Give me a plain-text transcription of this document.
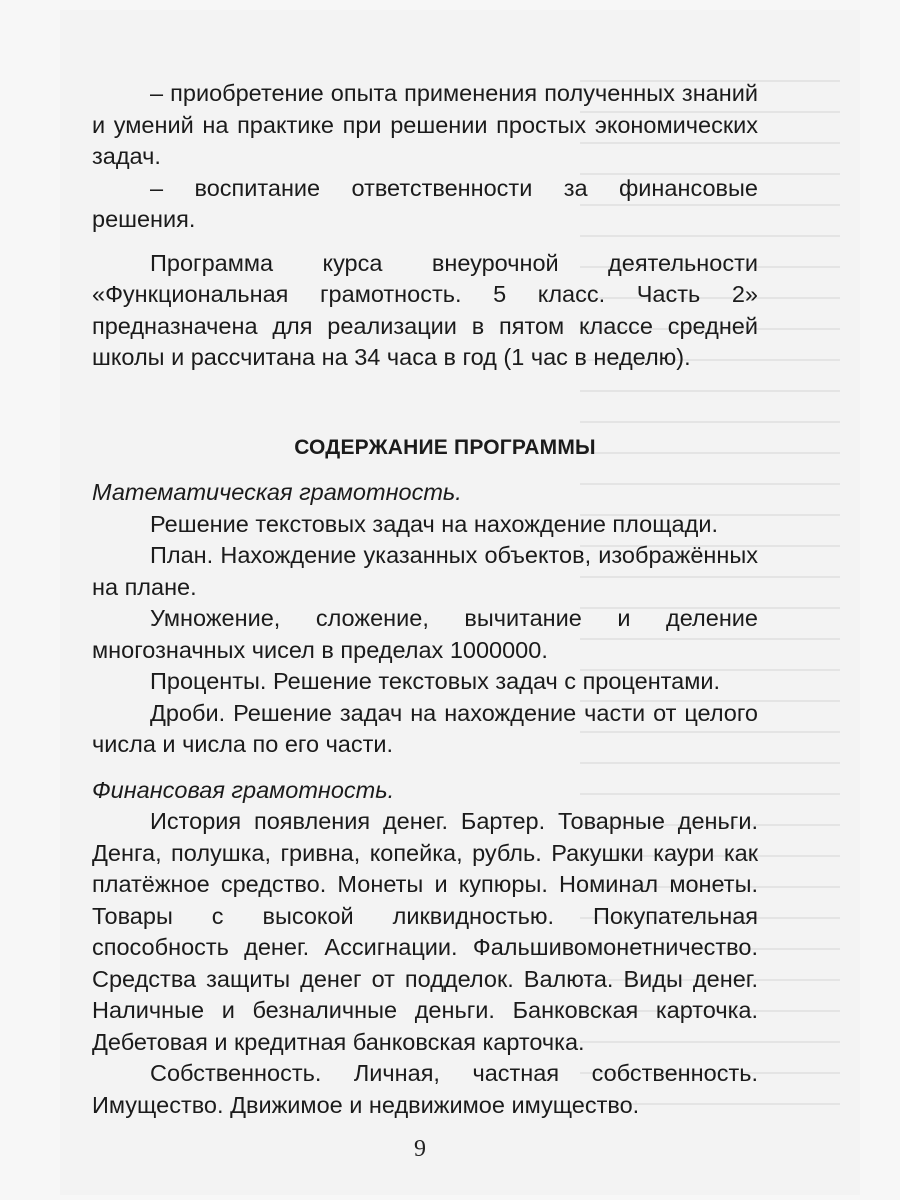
– приобретение опыта применения полученных знаний и умений на практике при решении простых экономических задач.

– воспитание ответственности за финансовые решения.

Программа курса внеурочной деятельности «Функциональная грамотность. 5 класс. Часть 2» предназначена для реализации в пятом классе средней школы и рассчитана на 34 часа в год (1 час в неделю).

СОДЕРЖАНИЕ ПРОГРАММЫ

Математическая грамотность.

Решение текстовых задач на нахождение площади.

План. Нахождение указанных объектов, изображённых на плане.

Умножение, сложение, вычитание и деление многозначных чисел в пределах 1000000.

Проценты. Решение текстовых задач с процентами.

Дроби. Решение задач на нахождение части от целого числа и числа по его части.

Финансовая грамотность.

История появления денег. Бартер. Товарные деньги. Денга, полушка, гривна, копейка, рубль. Ракушки каури как платёжное средство. Монеты и купюры. Номинал монеты. Товары с высокой ликвидностью. Покупательная способность денег. Ассигнации. Фальшивомонетничество. Средства защиты денег от подделок. Валюта. Виды денег. Наличные и безналичные деньги. Банковская карточка. Дебетовая и кредитная банковская карточка.

Собственность. Личная, частная собственность. Имущество. Движимое и недвижимое имущество.

9
